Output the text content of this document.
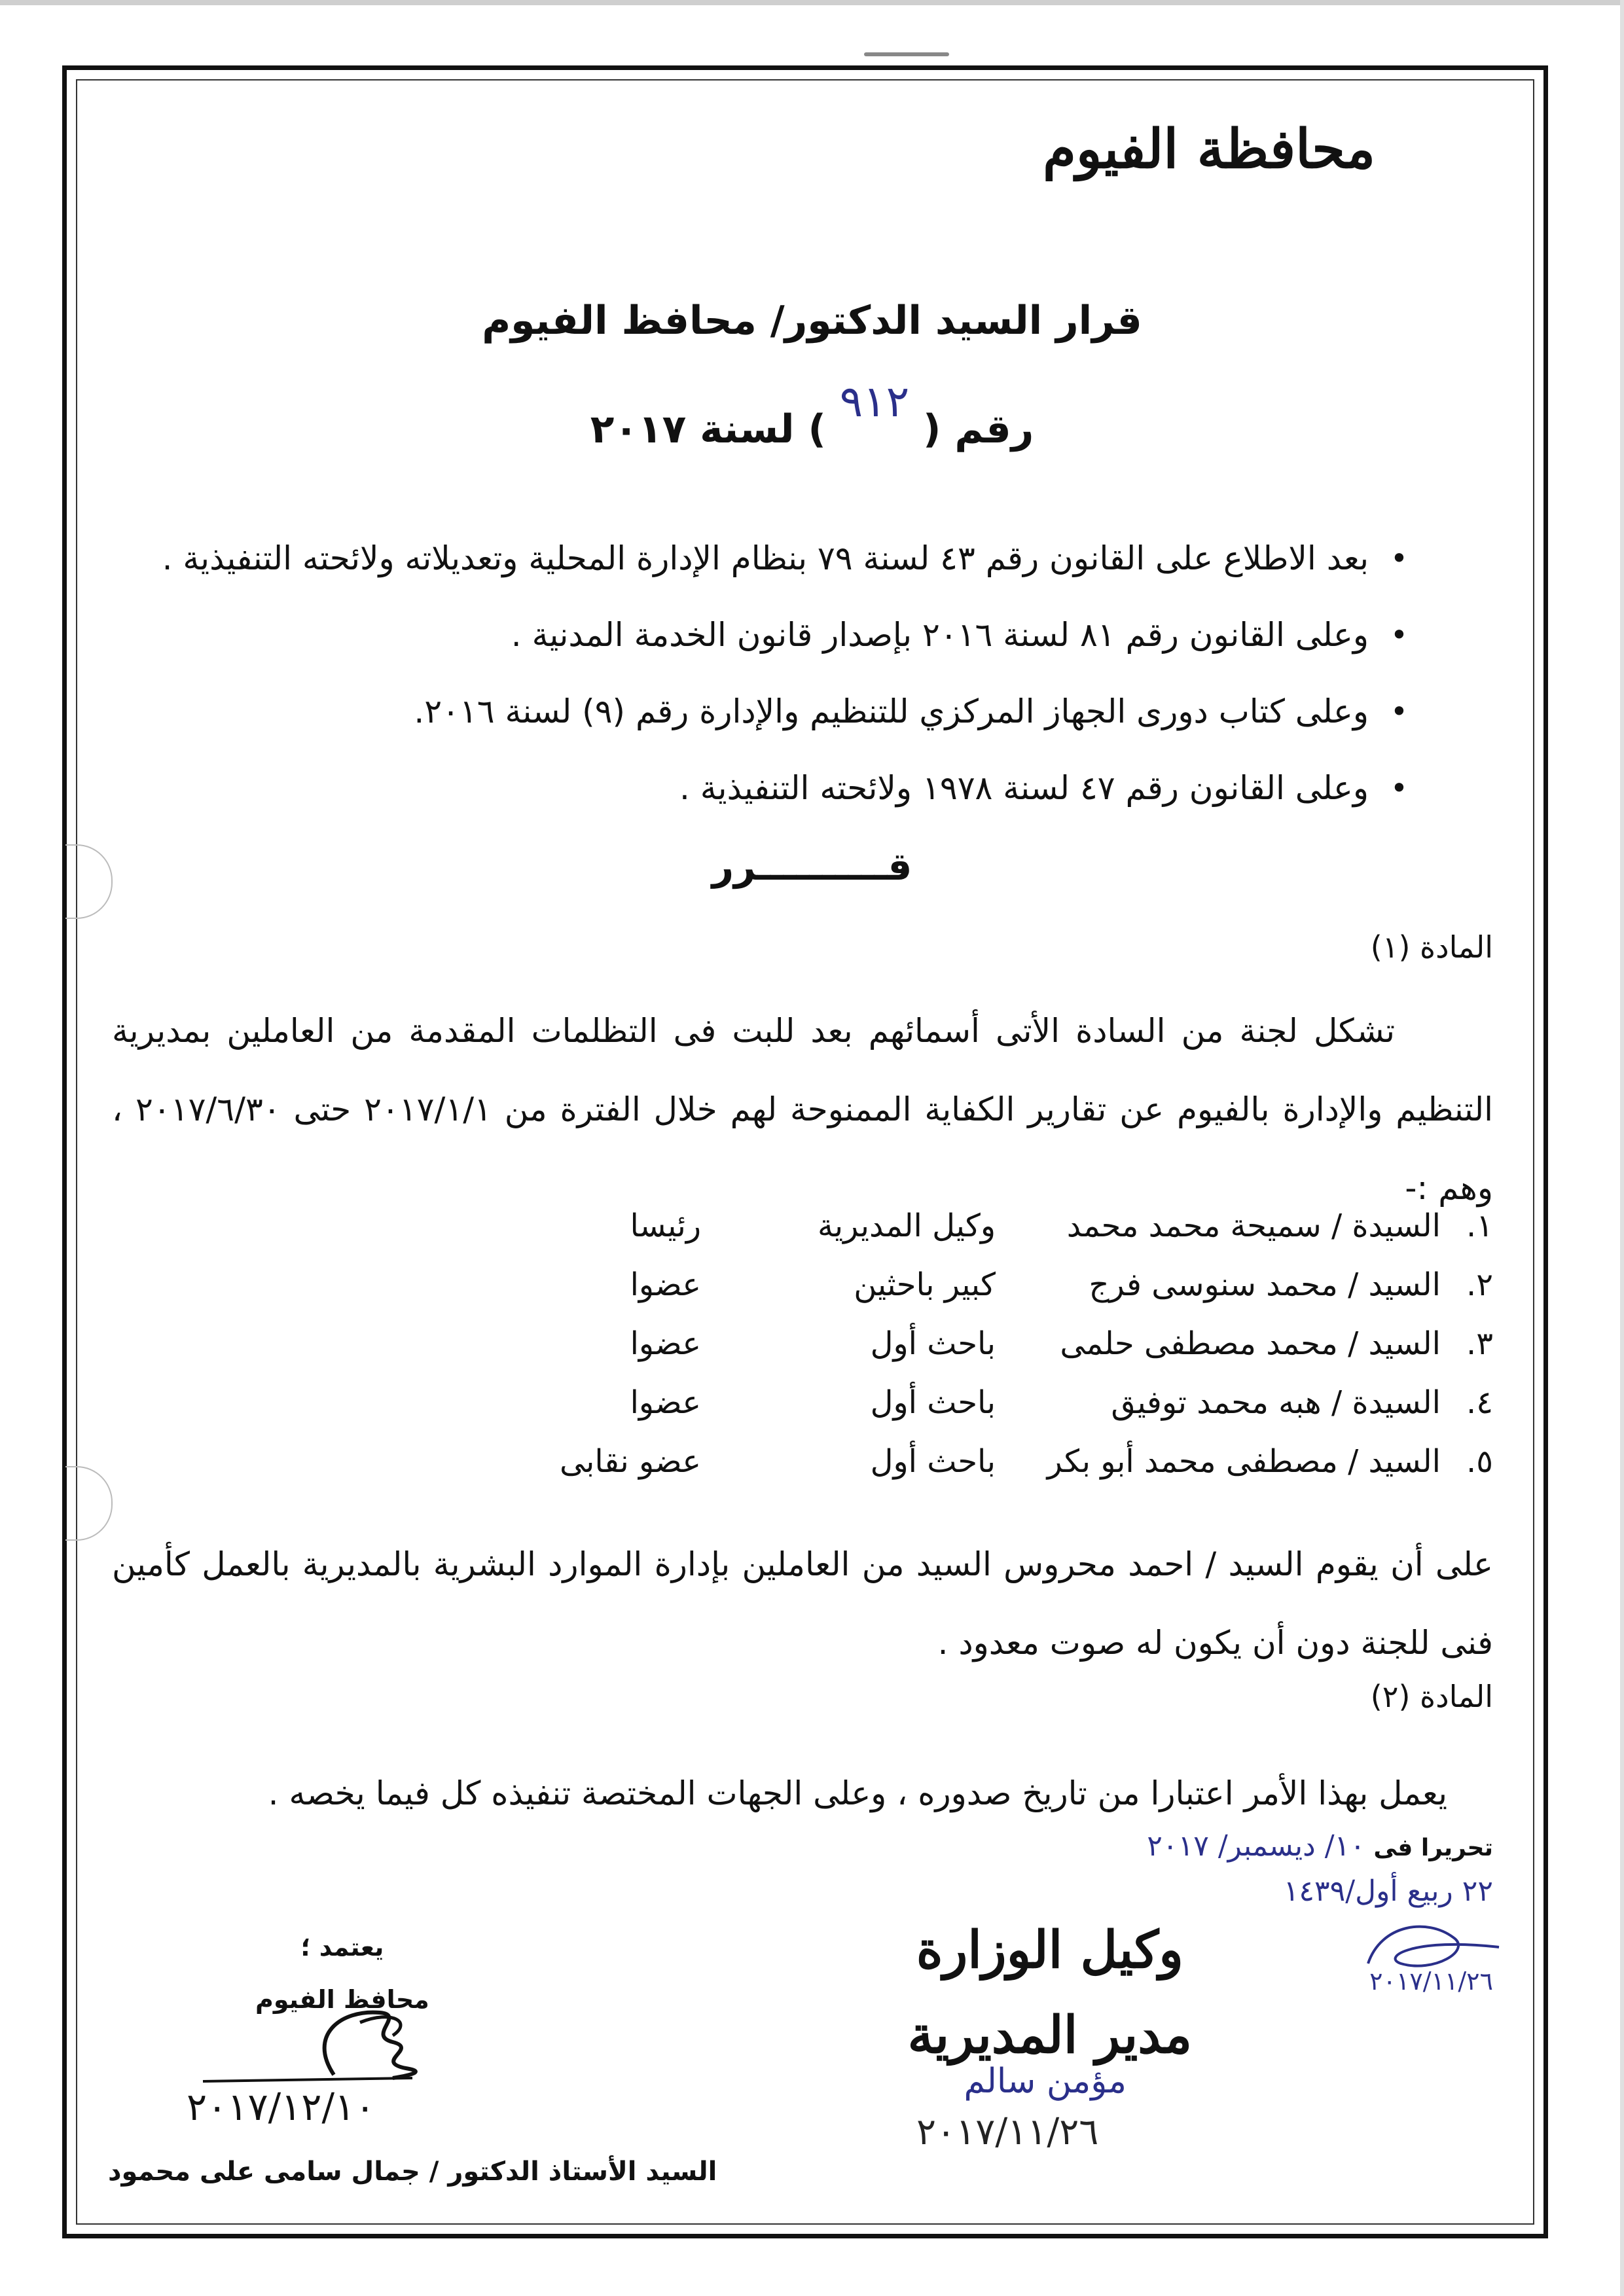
محافظة الفيوم
قرار السيد الدكتور/ محافظ الفيوم
رقم ( ٩١٢ ) لسنة ٢٠١٧
• بعد الاطلاع على القانون رقم ٤٣ لسنة ٧٩ بنظام الإدارة المحلية وتعديلاته ولائحته التنفيذية .
• وعلى القانون رقم ٨١ لسنة ٢٠١٦ بإصدار قانون الخدمة المدنية .
• وعلى كتاب دورى الجهاز المركزي للتنظيم والإدارة رقم (٩) لسنة ٢٠١٦.
• وعلى القانون رقم ٤٧ لسنة ١٩٧٨ ولائحته التنفيذية .
قــــــــــرر
المادة (١)
تشكل لجنة من السادة الأتى أسمائهم بعد للبت فى التظلمات المقدمة من العاملين بمديرية التنظيم والإدارة بالفيوم عن تقارير الكفاية الممنوحة لهم خلال الفترة من ٢٠١٧/١/١ حتى ٢٠١٧/٦/٣٠ ، وهم :-
١.
السيدة / سميحة محمد محمد
وكيل المديرية
رئيسا
٢.
السيد / محمد سنوسى فرج
كبير باحثين
عضوا
٣.
السيد / محمد مصطفى حلمى
باحث أول
عضوا
٤.
السيدة / هبه محمد توفيق
باحث أول
عضوا
٥.
السيد / مصطفى محمد أبو بكر
باحث أول
عضو نقابى
على أن يقوم السيد / احمد محروس السيد من العاملين بإدارة الموارد البشرية بالمديرية بالعمل كأمين فنى للجنة دون أن يكون له صوت معدود .
المادة (٢)
يعمل بهذا الأمر اعتبارا من تاريخ صدوره ، وعلى الجهات المختصة تنفيذه كل فيما يخصه .
تحريرا فى ١٠/ ديسمبر/ ٢٠١٧
٢٢ ربيع أول/١٤٣٩
٢٠١٧/١١/٢٦
وكيل الوزارة
مدير المديرية
مؤمن سالم
٢٠١٧/١١/٢٦
يعتمد ؛
محافظ الفيوم
٢٠١٧/١٢/١٠
السيد الأستاذ الدكتور / جمال سامى على محمود
